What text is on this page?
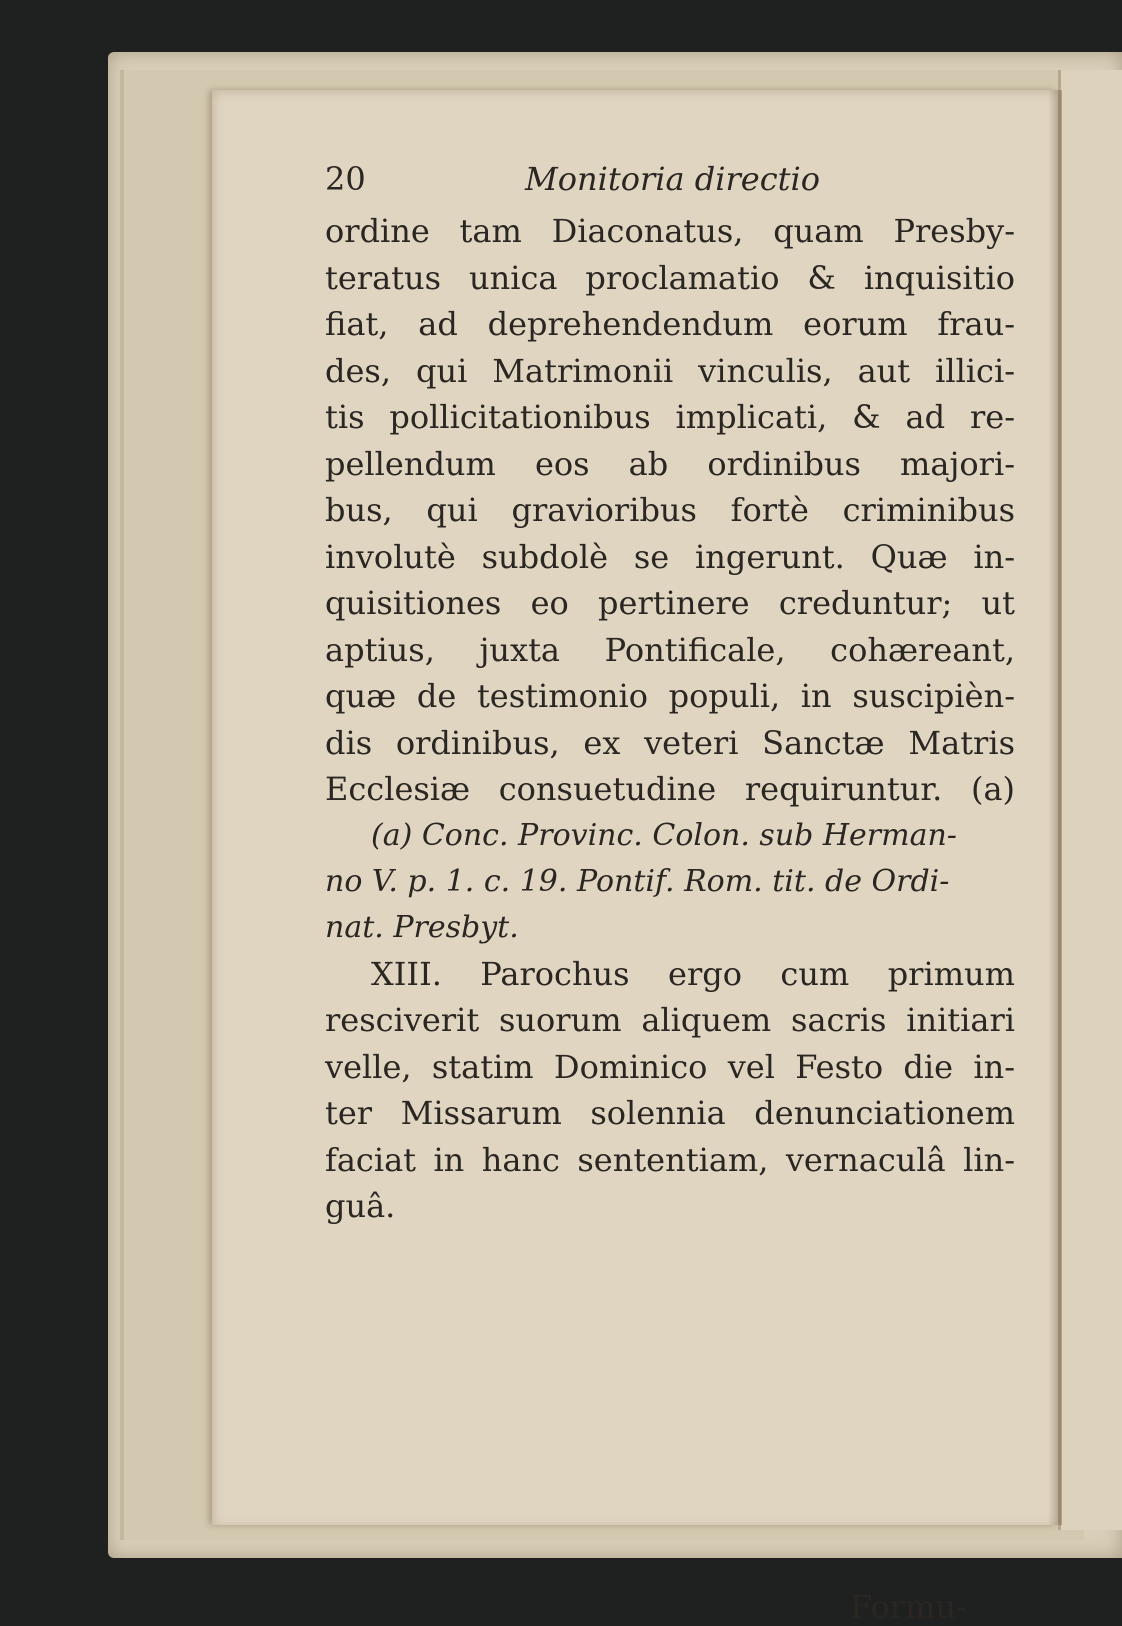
20	Monitoria directio
ordine tam Diaconatus, quam Presby-
teratus unica proclamatio & inquisitio
fiat, ad deprehendendum eorum frau-
des, qui Matrimonii vinculis, aut illici-
tis pollicitationibus implicati, & ad re-
pellendum eos ab ordinibus majori-
bus, qui gravioribus fortè criminibus
involutè subdolè se ingerunt. Quæ in-
quisitiones eo pertinere creduntur; ut
aptius, juxta Pontificale, cohæreant,
quæ de testimonio populi, in suscipièn-
dis ordinibus, ex veteri Sanctæ Matris
Ecclesiæ consuetudine requiruntur. (a)
(a) Conc. Provinc. Colon. sub Herman-
no V. p. 1. c. 19. Pontif. Rom. tit. de Ordi-
nat. Presbyt.
XIII. Parochus ergo cum primum
resciverit suorum aliquem sacris initiari
velle, statim Dominico vel Festo die in-
ter Missarum solennia denunciationem
faciat in hanc sententiam, vernaculâ lin-
guâ.
Formu-
